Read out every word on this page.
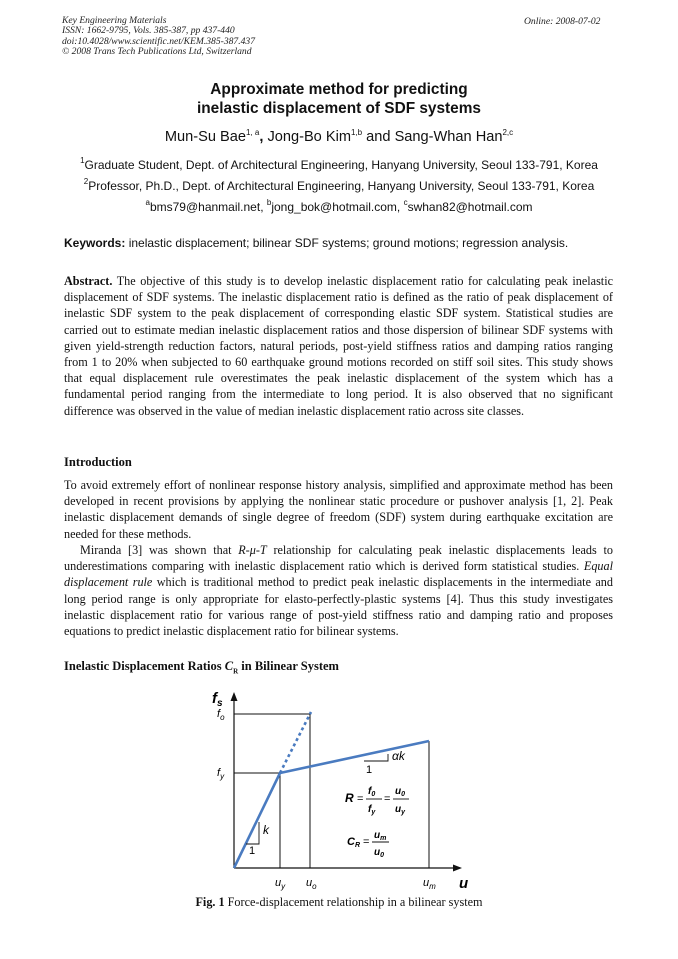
Key Engineering Materials
ISSN: 1662-9795, Vols. 385-387, pp 437-440
doi:10.4028/www.scientific.net/KEM.385-387.437
© 2008 Trans Tech Publications Ltd, Switzerland
Online: 2008-07-02
Approximate method for predicting
inelastic displacement of SDF systems
Mun-Su Bae$^{1, a}$, Jong-Bo Kim$^{1,b}$ and Sang-Whan Han$^{2,c}$
$^1$Graduate Student, Dept. of Architectural Engineering, Hanyang University, Seoul 133-791, Korea
$^2$Professor, Ph.D., Dept. of Architectural Engineering, Hanyang University, Seoul 133-791, Korea
$^a$bms79@hanmail.net, $^b$jong_bok@hotmail.com, $^c$swhan82@hotmail.com
Keywords: inelastic displacement; bilinear SDF systems; ground motions; regression analysis.
Abstract. The objective of this study is to develop inelastic displacement ratio for calculating peak inelastic displacement of SDF systems. The inelastic displacement ratio is defined as the ratio of peak displacement of inelastic SDF system to the peak displacement of corresponding elastic SDF system. Statistical studies are carried out to estimate median inelastic displacement ratios and those dispersion of bilinear SDF systems with given yield-strength reduction factors, natural periods, post-yield stiffness ratios and damping ratios ranging from 1 to 20% when subjected to 60 earthquake ground motions recorded on stiff soil sites. This study shows that equal displacement rule overestimates the peak inelastic displacement of the system which has a fundamental period ranging from the intermediate to long period. It is also observed that no significant difference was observed in the value of median inelastic displacement ratio across site classes.
Introduction
To avoid extremely effort of nonlinear response history analysis, simplified and approximate method has been developed in recent provisions by applying the nonlinear static procedure or pushover analysis [1, 2]. Peak inelastic displacement demands of single degree of freedom (SDF) system during earthquake excitation are needed for these methods.
Miranda [3] was shown that R-μ-T relationship for calculating peak inelastic displacements leads to underestimations comparing with inelastic displacement ratio which is derived form statistical studies. Equal displacement rule which is traditional method to predict peak inelastic displacements in the intermediate and long period range is only appropriate for elasto-perfectly-plastic systems [4]. Thus this study investigates inelastic displacement ratio for various range of post-yield stiffness ratio and damping ratio and proposes equations to predict inelastic displacement ratio for bilinear systems.
Inelastic Displacement Ratios $C_R$ in Bilinear System
$f_s$
$f_o$
$f_y$
$u_y$ $u_o$	$u_m$ u
k
1
αk
1
R =
$f_0$
$f_y$
=
$u_0$
$u_y$
CR =
$u_m$
$u_0$
Fig. 1 Force-displacement relationship in a bilinear system
